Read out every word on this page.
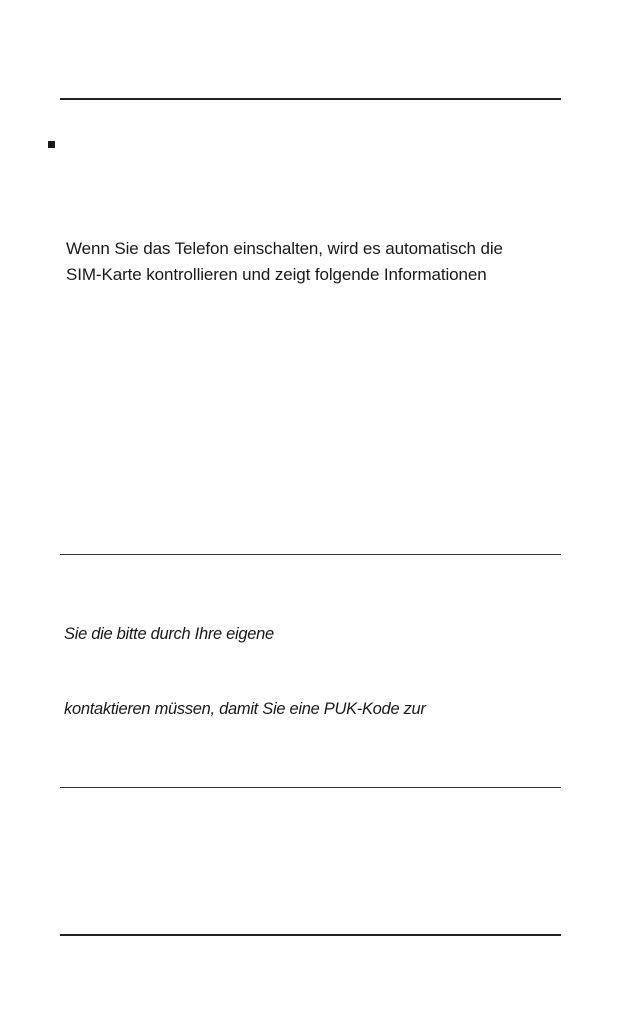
Wenn Sie das Telefon einschalten, wird es automatisch die
SIM-Karte kontrollieren und zeigt folgende Informationen
Sie die bitte durch Ihre eigene
kontaktieren müssen, damit Sie eine PUK-Kode zur
